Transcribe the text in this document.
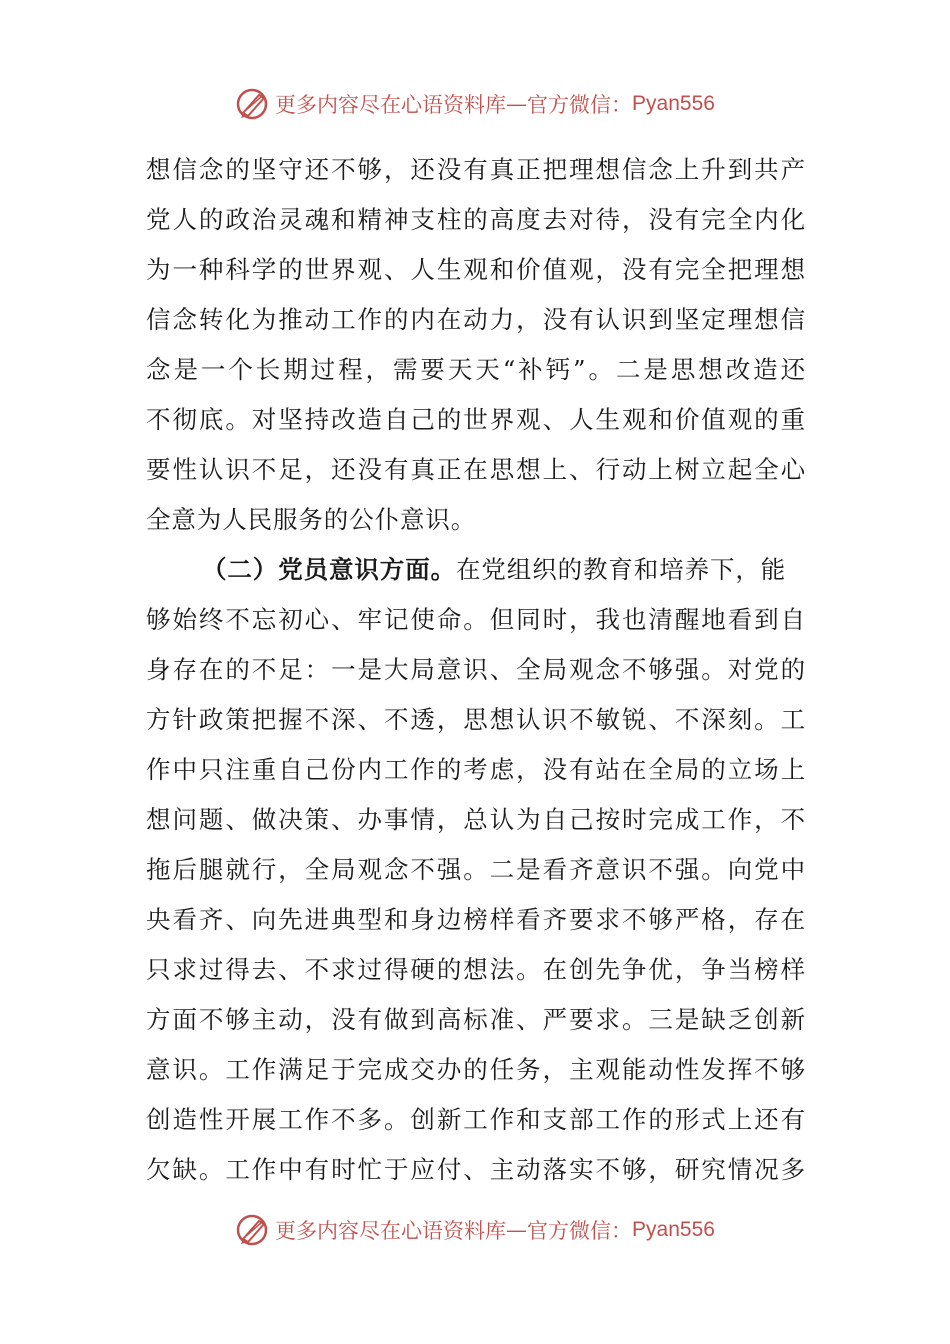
更多内容尽在心语资料库 — 官方微信： Pyan556
想信念的坚守还不够，还没有真正把理想信念上升到共产
党人的政治灵魂和精神支柱的高度去对待，没有完全内化
为一种科学的世界观、人生观和价值观，没有完全把理想
信念转化为推动工作的内在动力，没有认识到坚定理想信
念是一个长期过程，需要天天“补钙”。二是思想改造还
不彻底。对坚持改造自己的世界观、人生观和价值观的重
要性认识不足，还没有真正在思想上、行动上树立起全心
全意为人民服务的公仆意识。
（二）党员意识方面。在党组织的教育和培养下，能
够始终不忘初心、牢记使命。但同时，我也清醒地看到自
身存在的不足：一是大局意识、全局观念不够强。对党的
方针政策把握不深、不透，思想认识不敏锐、不深刻。工
作中只注重自己份内工作的考虑，没有站在全局的立场上
想问题、做决策、办事情，总认为自己按时完成工作，不
拖后腿就行，全局观念不强。二是看齐意识不强。向党中
央看齐、向先进典型和身边榜样看齐要求不够严格，存在
只求过得去、不求过得硬的想法。在创先争优，争当榜样
方面不够主动，没有做到高标准、严要求。三是缺乏创新
意识。工作满足于完成交办的任务，主观能动性发挥不够
创造性开展工作不多。创新工作和支部工作的形式上还有
欠缺。工作中有时忙于应付、主动落实不够，研究情况多
更多内容尽在心语资料库 — 官方微信： Pyan556
